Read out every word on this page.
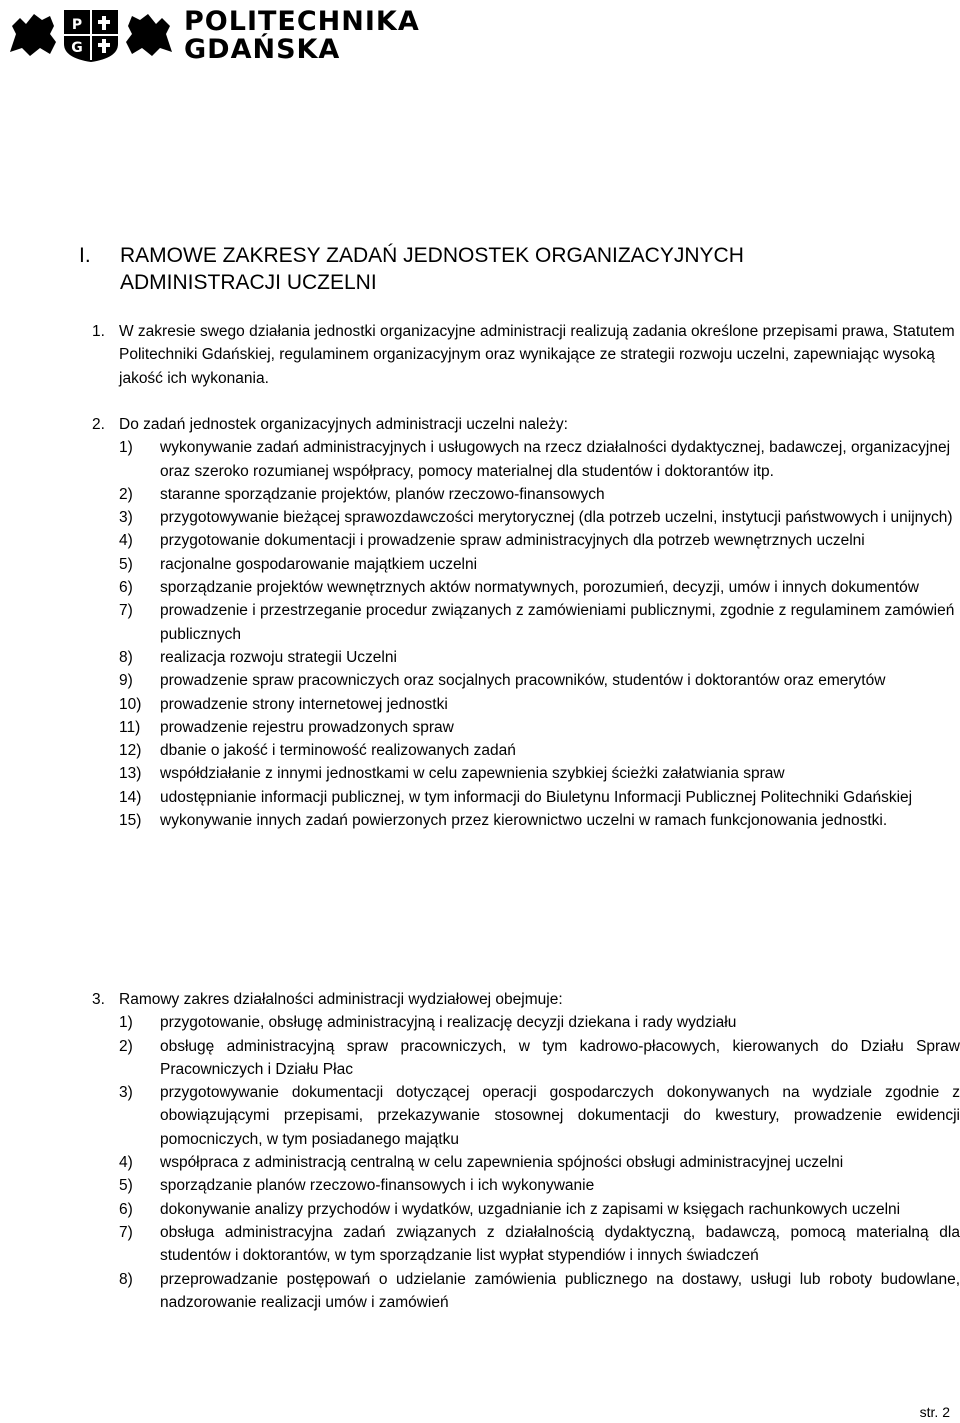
P
G
POLITECHNIKA
GDAŃSKA
I. RAMOWE ZAKRESY ZADAŃ JEDNOSTEK ORGANIZACYJNYCH
ADMINISTRACJI UCZELNI
1. W zakresie swego działania jednostki organizacyjne administracji realizują zadania określone przepisami prawa, Statutem Politechniki Gdańskiej, regulaminem organizacyjnym oraz wynikające ze strategii rozwoju uczelni, zapewniając wysoką jakość ich wykonania.
2. Do zadań jednostek organizacyjnych administracji uczelni należy:
1) wykonywanie zadań administracyjnych i usługowych na rzecz działalności dydaktycznej, badawczej, organizacyjnej oraz szeroko rozumianej współpracy, pomocy materialnej dla studentów i doktorantów itp.
2) staranne sporządzanie projektów, planów rzeczowo-finansowych
3) przygotowywanie bieżącej sprawozdawczości merytorycznej (dla potrzeb uczelni, instytucji państwowych i unijnych)
4) przygotowanie dokumentacji i prowadzenie spraw administracyjnych dla potrzeb wewnętrznych uczelni
5) racjonalne gospodarowanie majątkiem uczelni
6) sporządzanie projektów wewnętrznych aktów normatywnych, porozumień, decyzji, umów i innych dokumentów
7) prowadzenie i przestrzeganie procedur związanych z zamówieniami publicznymi, zgodnie z regulaminem zamówień publicznych
8) realizacja rozwoju strategii Uczelni
9) prowadzenie spraw pracowniczych oraz socjalnych pracowników, studentów i doktorantów oraz emerytów
10) prowadzenie strony internetowej jednostki
11) prowadzenie rejestru prowadzonych spraw
12) dbanie o jakość i terminowość realizowanych zadań
13) współdziałanie z innymi jednostkami w celu zapewnienia szybkiej ścieżki załatwiania spraw
14) udostępnianie informacji publicznej, w tym informacji do Biuletynu Informacji Publicznej Politechniki Gdańskiej
15) wykonywanie innych zadań powierzonych przez kierownictwo uczelni w ramach funkcjonowania jednostki.
3. Ramowy zakres działalności administracji wydziałowej obejmuje:
1) przygotowanie, obsługę administracyjną i realizację decyzji dziekana i rady wydziału
2) obsługę administracyjną spraw pracowniczych, w tym kadrowo-płacowych, kierowanych do Działu Spraw Pracowniczych i Działu Płac
3) przygotowywanie dokumentacji dotyczącej operacji gospodarczych dokonywanych na wydziale zgodnie z obowiązującymi przepisami, przekazywanie stosownej dokumentacji do kwestury, prowadzenie ewidencji pomocniczych, w tym posiadanego majątku
4) współpraca z administracją centralną w celu zapewnienia spójności obsługi administracyjnej uczelni
5) sporządzanie planów rzeczowo-finansowych i ich wykonywanie
6) dokonywanie analizy przychodów i wydatków, uzgadnianie ich z zapisami w księgach rachunkowych uczelni
7) obsługa administracyjna zadań związanych z działalnością dydaktyczną, badawczą, pomocą materialną dla studentów i doktorantów, w tym sporządzanie list wypłat stypendiów i innych świadczeń
8) przeprowadzanie postępowań o udzielanie zamówienia publicznego na dostawy, usługi lub roboty budowlane, nadzorowanie realizacji umów i zamówień
str. 2
